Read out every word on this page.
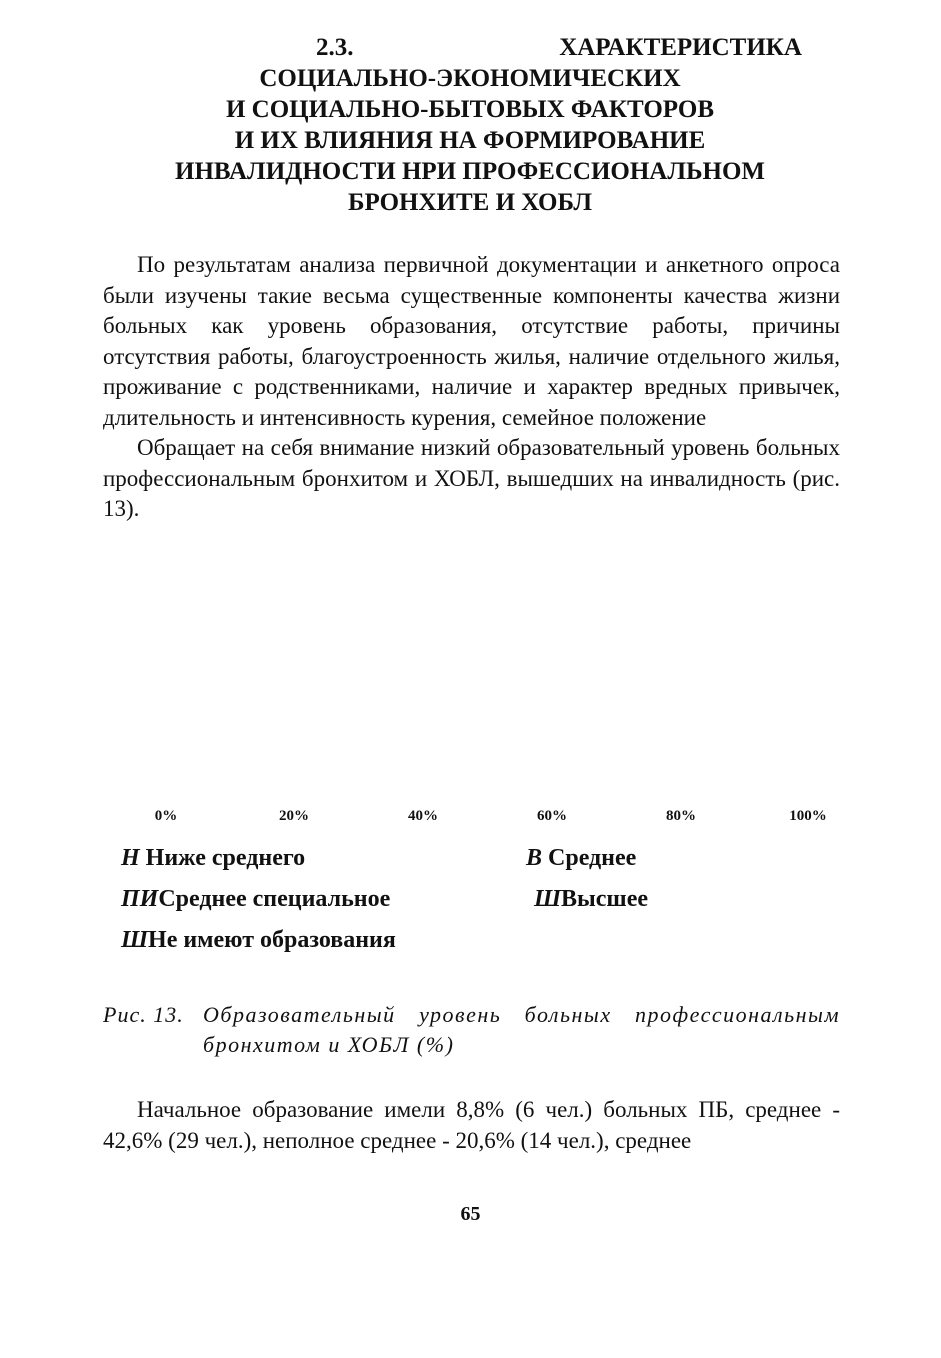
2.3.	ХАРАКТЕРИСТИКА
СОЦИАЛЬНО-ЭКОНОМИЧЕСКИХ
И СОЦИАЛЬНО-БЫТОВЫХ ФАКТОРОВ
И ИХ ВЛИЯНИЯ НА ФОРМИРОВАНИЕ
ИНВАЛИДНОСТИ НРИ ПРОФЕССИОНАЛЬНОМ
БРОНХИТЕ И ХОБЛ

По результатам анализа первичной документации и анкетного опроса были изучены такие весьма существенные компоненты качества жизни больных как уровень образования, отсутствие работы, причины отсутствия работы, благоустроенность жилья, наличие отдельного жилья, проживание с родственниками, наличие и характер вредных привычек, длительность и интенсивность курения, семейное положение

Обращает на себя внимание низкий образовательный уровень больных профессиональным бронхитом и ХОБЛ, вышедших на инвалидность (рис. 13).

0%	20%	40%	60%	80%	100%
Н Ниже среднего	В Среднее
ПИСреднее специальное	ШВысшее
ШНе имеют образования
Рис. 13. Образовательный уровень больных профессиональным бронхитом и ХОБЛ (%)

Начальное образование имели 8,8% (6 чел.) больных ПБ, среднее - 42,6% (29 чел.), неполное среднее - 20,6% (14 чел.), среднее

65
